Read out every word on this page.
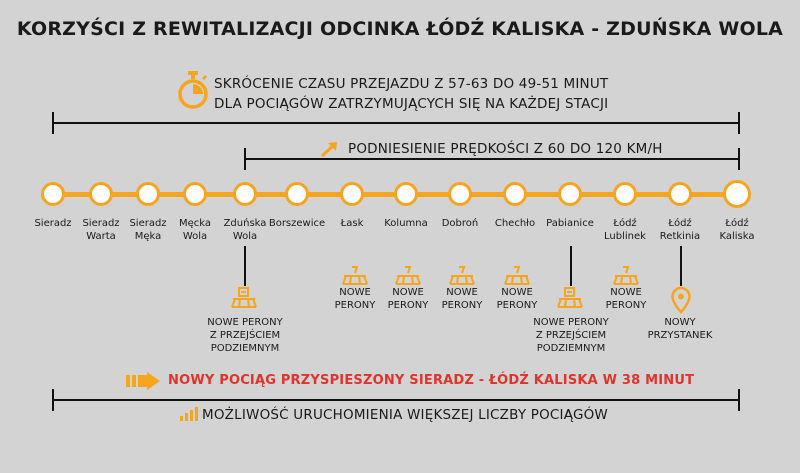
KORZYŚCI Z REWITALIZACJI ODCINKA ŁÓDŹ KALISKA - ZDUŃSKA WOLA
SKRÓCENIE CZASU PRZEJAZDU Z 57-63 DO 49-51 MINUT
DLA POCIĄGÓW ZATRZYMUJĄCYCH SIĘ NA KAŻDEJ STACJI
PODNIESIENIE PRĘDKOŚCI Z 60 DO 120 KM/H
Sieradz	Sieradz
Warta
Sieradz
Męka
Męcka
Wola
Zduńska
Wola
Borszewice	Łask	Kolumna	Dobroń	Chechło	Pabianice	Łódź
Lublinek
Łódź
Retkinia
Łódź
Kaliska
NOWE PERONY
Z PRZEJŚCIEM
PODZIEMNYM
NOWE
PERONY
NOWE
PERONY
NOWE
PERONY
NOWE
PERONY
NOWE PERONY
Z PRZEJŚCIEM
PODZIEMNYM
NOWE
PERONY
NOWY
PRZYSTANEK
NOWY POCIĄG PRZYSPIESZONY SIERADZ - ŁÓDŹ KALISKA W 38 MINUT
MOŻLIWOŚĆ URUCHOMIENIA WIĘKSZEJ LICZBY POCIĄGÓW
